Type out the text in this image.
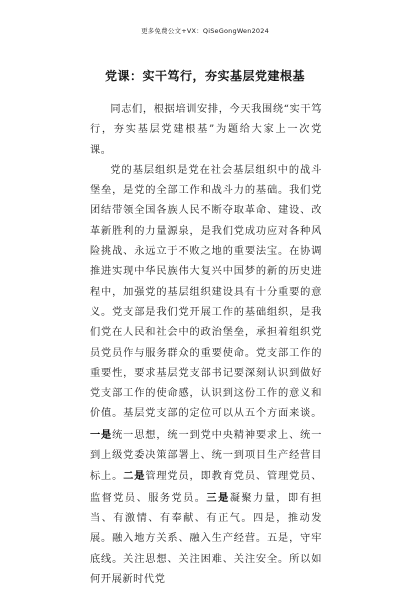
更多免费公文+VX：QiSeGongWen2024
党课：实干笃行，夯实基层党建根基

同志们，根据培训安排，今天我围绕“实干笃行，夯实基层党建根基”为题给大家上一次党课。

党的基层组织是党在社会基层组织中的战斗堡垒，是党的全部工作和战斗力的基础。我们党团结带领全国各族人民不断夺取革命、建设、改革新胜利的力量源泉，是我们党成功应对各种风险挑战、永远立于不败之地的重要法宝。在协调推进实现中华民族伟大复兴中国梦的新的历史进程中，加强党的基层组织建设具有十分重要的意义。党支部是我们党开展工作的基础组织，是我们党在人民和社会中的政治堡垒，承担着组织党员党员作与服务群众的重要使命。党支部工作的重要性，要求基层党支部书记要深刻认识到做好党支部工作的使命感，认识到这份工作的意义和价值。基层党支部的定位可以从五个方面来谈。一是统一思想，统一到党中央精神要求上、统一到上级党委决策部署上、统一到项目生产经营目标上。二是管理党员，即教育党员、管理党员、监督党员、服务党员。三是凝聚力量，即有担当、有激情、有奉献、有正气。四是，推动发展。融入地方关系、融入生产经营。五是，守牢底线。关注思想、关注困难、关注安全。所以如何开展新时代党
